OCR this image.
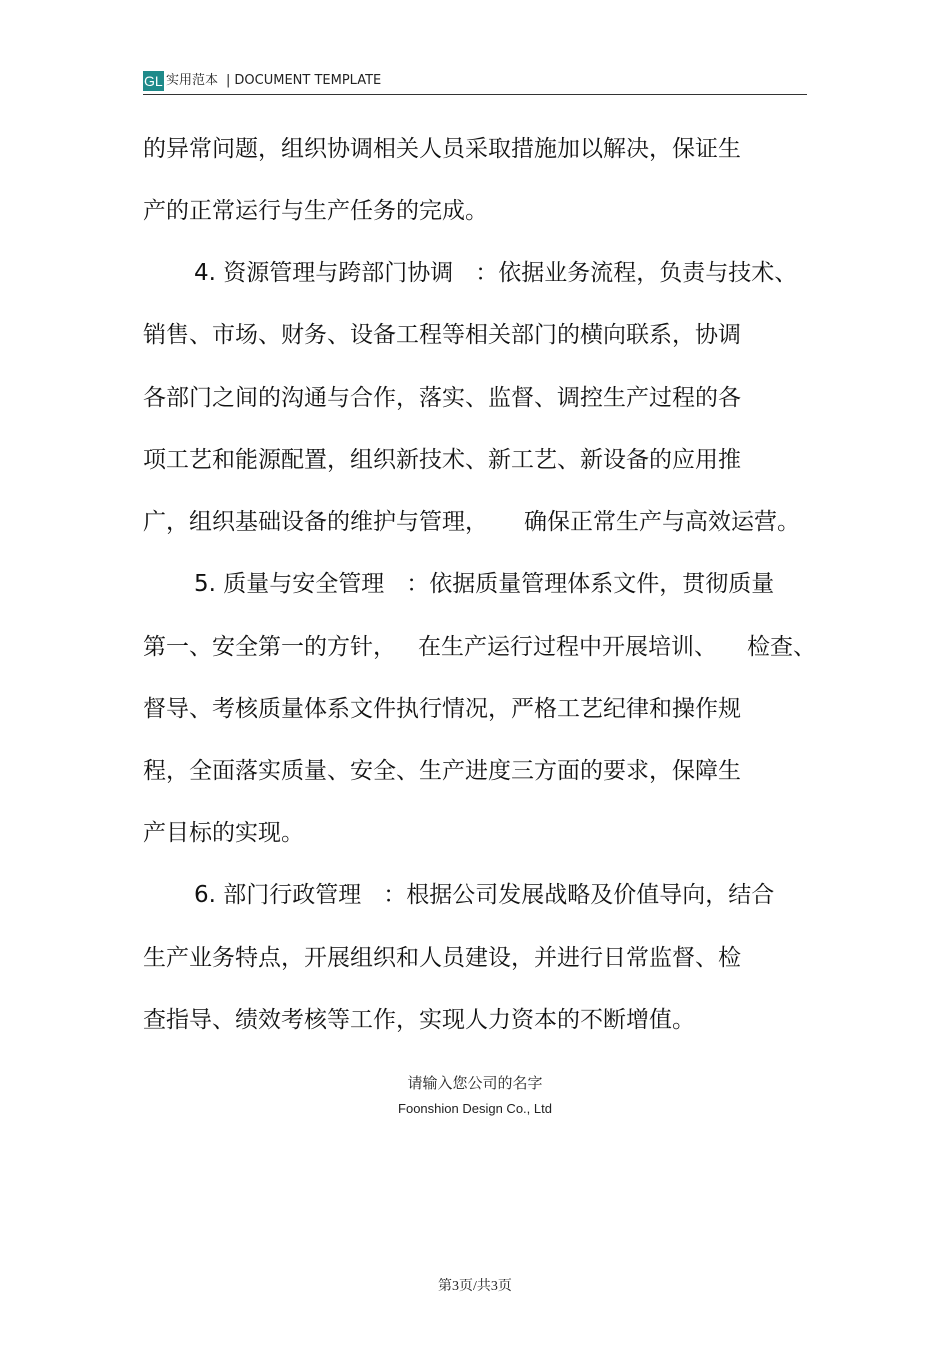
GL 实用范本 | DOCUMENT TEMPLATE
的异常问题，组织协调相关人员采取措施加以解决，保证生
产的正常运行与生产任务的完成。
4. 资源管理与跨部门协调 ：依据业务流程，负责与技术、
销售、市场、财务、设备工程等相关部门的横向联系，协调
各部门之间的沟通与合作，落实、监督、调控生产过程的各
项工艺和能源配置，组织新技术、新工艺、新设备的应用推
广，组织基础设备的维护与管理， 确保正常生产与高效运营。
5. 质量与安全管理 ：依据质量管理体系文件，贯彻质量
第一、安全第一的方针， 在生产运行过程中开展培训、 检查、
督导、考核质量体系文件执行情况，严格工艺纪律和操作规
程，全面落实质量、安全、生产进度三方面的要求，保障生
产目标的实现。
6. 部门行政管理 ：根据公司发展战略及价值导向，结合
生产业务特点，开展组织和人员建设，并进行日常监督、检
查指导、绩效考核等工作，实现人力资本的不断增值。
请输入您公司的名字
Foonshion Design Co., Ltd
第3页/共3页
